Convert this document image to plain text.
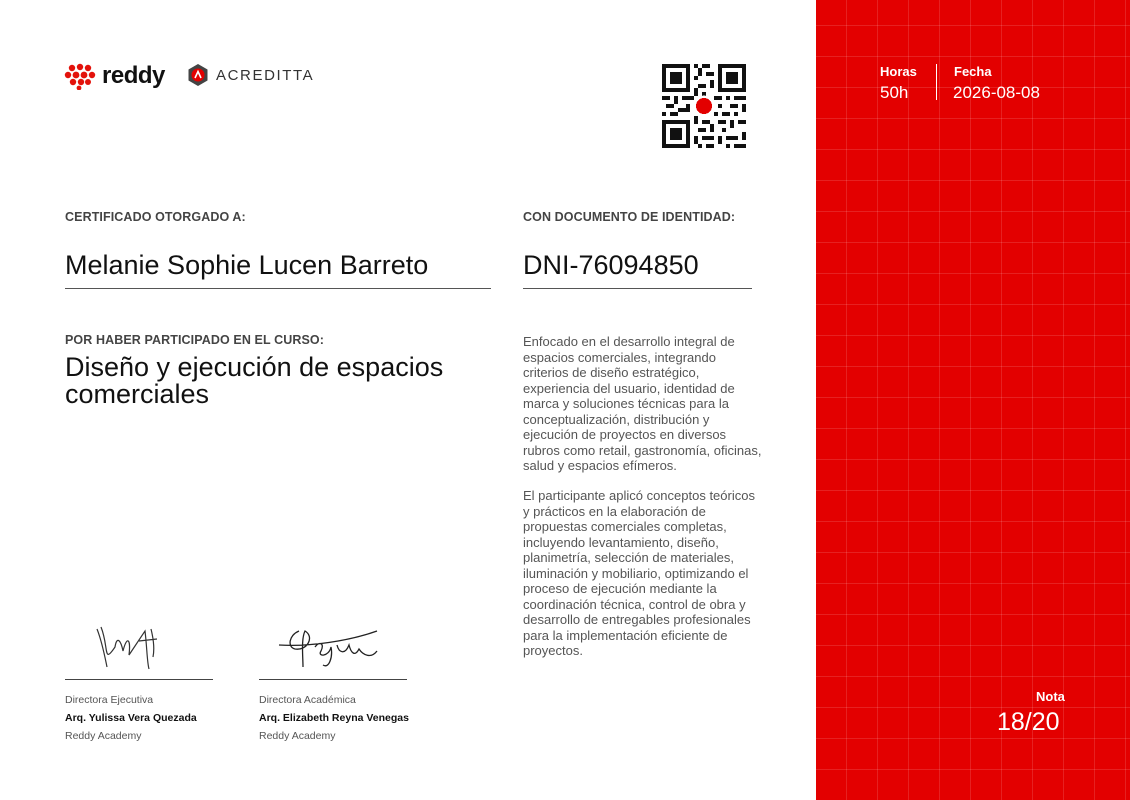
reddy	ACREDITTA
CERTIFICADO OTORGADO A:
Melanie Sophie Lucen Barreto
CON DOCUMENTO DE IDENTIDAD:
DNI-76094850
POR HABER PARTICIPADO EN EL CURSO:
Diseño y ejecución de espacios comerciales

Enfocado en el desarrollo integral de espacios comerciales, integrando criterios de diseño estratégico, experiencia del usuario, identidad de marca y soluciones técnicas para la conceptualización, distribución y ejecución de proyectos en diversos rubros como retail, gastronomía, oficinas, salud y espacios efímeros.

El participante aplicó conceptos teóricos y prácticos en la elaboración de propuestas comerciales completas, incluyendo levantamiento, diseño, planimetría, selección de materiales, iluminación y mobiliario, optimizando el proceso de ejecución mediante la coordinación técnica, control de obra y desarrollo de entregables profesionales para la implementación eficiente de proyectos.

Directora Ejecutiva
Arq. Yulissa Vera Quezada
Reddy Academy
Directora Académica
Arq. Elizabeth Reyna Venegas
Reddy Academy
Horas
50h
Fecha
2026-08-08
Nota
18/20
